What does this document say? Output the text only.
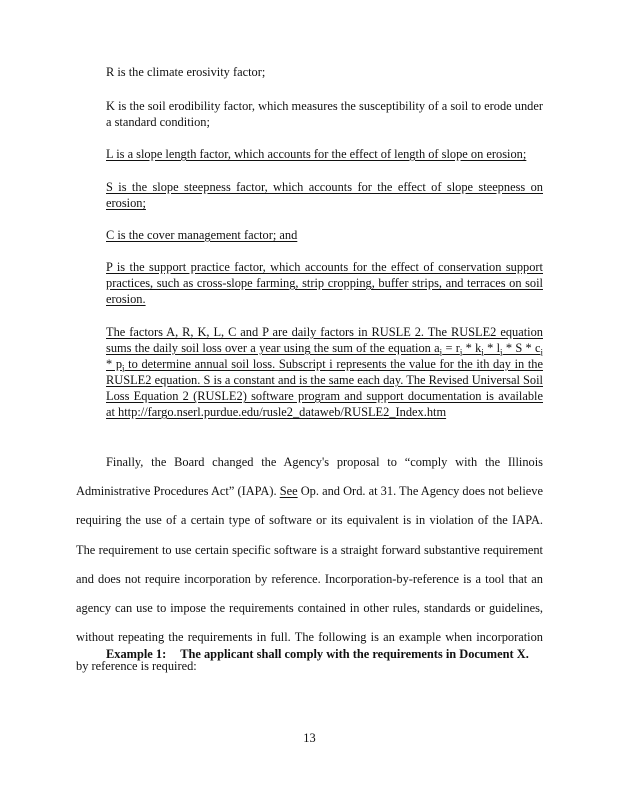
R is the climate erosivity factor;
K is the soil erodibility factor, which measures the susceptibility of a soil to erode under a standard condition;
L is a slope length factor, which accounts for the effect of length of slope on erosion;
S is the slope steepness factor, which accounts for the effect of slope steepness on erosion;
C is the cover management factor; and
P is the support practice factor, which accounts for the effect of conservation support practices, such as cross-slope farming, strip cropping, buffer strips, and terraces on soil erosion.
The factors A, R, K, L, C and P are daily factors in RUSLE 2. The RUSLE2 equation sums the daily soil loss over a year using the sum of the equation $a_i = r_i * k_i * l_i * S * c_i * p_i$ to determine annual soil loss. Subscript i represents the value for the ith day in the RUSLE2 equation. S is a constant and is the same each day. The Revised Universal Soil Loss Equation 2 (RUSLE2) software program and support documentation is available at http://fargo.nserl.purdue.edu/rusle2_dataweb/RUSLE2_Index.htm
Finally, the Board changed the Agency's proposal to “comply with the Illinois Administrative Procedures Act” (IAPA). See Op. and Ord. at 31. The Agency does not believe requiring the use of a certain type of software or its equivalent is in violation of the IAPA. The requirement to use certain specific software is a straight forward substantive requirement and does not require incorporation by reference. Incorporation-by-reference is a tool that an agency can use to impose the requirements contained in other rules, standards or guidelines, without repeating the requirements in full. The following is an example when incorporation by reference is required:
Example 1: The applicant shall comply with the requirements in Document X.
13
